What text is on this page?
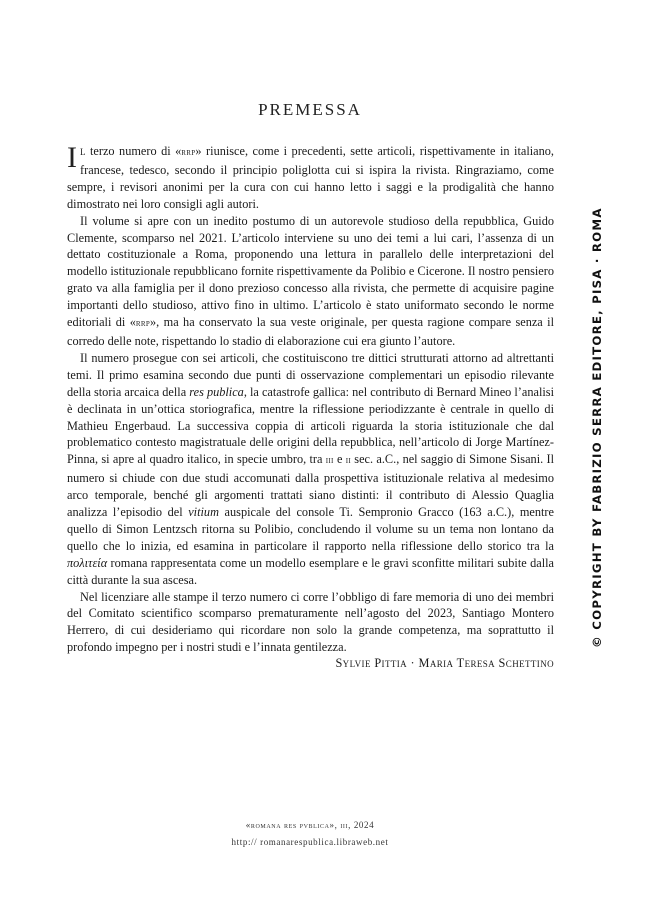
PREMESSA

Il terzo numero di «rrp» riunisce, come i precedenti, sette articoli, rispettivamente in italiano, francese, tedesco, secondo il principio poliglotta cui si ispira la rivista. Ringraziamo, come sempre, i revisori anonimi per la cura con cui hanno letto i saggi e la prodigalità che hanno dimostrato nei loro consigli agli autori.

Il volume si apre con un inedito postumo di un autorevole studioso della repubblica, Guido Clemente, scomparso nel 2021. L’articolo interviene su uno dei temi a lui cari, l’assenza di un dettato costituzionale a Roma, proponendo una lettura in parallelo delle interpretazioni del modello istituzionale repubblicano fornite rispettivamente da Polibio e Cicerone. Il nostro pensiero grato va alla famiglia per il dono prezioso concesso alla rivista, che permette di acquisire pagine importanti dello studioso, attivo fino in ultimo. L’articolo è stato uniformato secondo le norme editoriali di «rrp», ma ha conservato la sua veste originale, per questa ragione compare senza il corredo delle note, rispettando lo stadio di elaborazione cui era giunto l’autore.

Il numero prosegue con sei articoli, che costituiscono tre dittici strutturati attorno ad altrettanti temi. Il primo esamina secondo due punti di osservazione complementari un episodio rilevante della storia arcaica della res publica, la catastrofe gallica: nel contributo di Bernard Mineo l’analisi è declinata in un’ottica storiografica, mentre la riflessione periodizzante è centrale in quello di Mathieu Engerbaud. La successiva coppia di articoli riguarda la storia istituzionale che dal problematico contesto magistratuale delle origini della repubblica, nell’articolo di Jorge Martínez-Pinna, si apre al quadro italico, in specie umbro, tra iii e ii sec. a.C., nel saggio di Simone Sisani. Il numero si chiude con due studi accomunati dalla prospettiva istituzionale relativa al medesimo arco temporale, benché gli argomenti trattati siano distinti: il contributo di Alessio Quaglia analizza l’episodio del vitium auspicale del console Ti. Sempronio Gracco (163 a.C.), mentre quello di Simon Lentzsch ritorna su Polibio, concludendo il volume su un tema non lontano da quello che lo inizia, ed esamina in particolare il rapporto nella riflessione dello storico tra la πολιτεία romana rappresentata come un modello esemplare e le gravi sconfitte militari subite dalla città durante la sua ascesa.

Nel licenziare alle stampe il terzo numero ci corre l’obbligo di fare memoria di uno dei membri del Comitato scientifico scomparso prematuramente nell’agosto del 2023, Santiago Montero Herrero, di cui desideriamo qui ricordare non solo la grande competenza, ma soprattutto il profondo impegno per i nostri studi e l’innata gentilezza.

Sylvie Pittia · Maria Teresa Schettino
«romana res pvblica», iii, 2024
http:// romanarespublica.libraweb.net
© COPYRIGHT BY FABRIZIO SERRA EDITORE, PISA · ROMA
